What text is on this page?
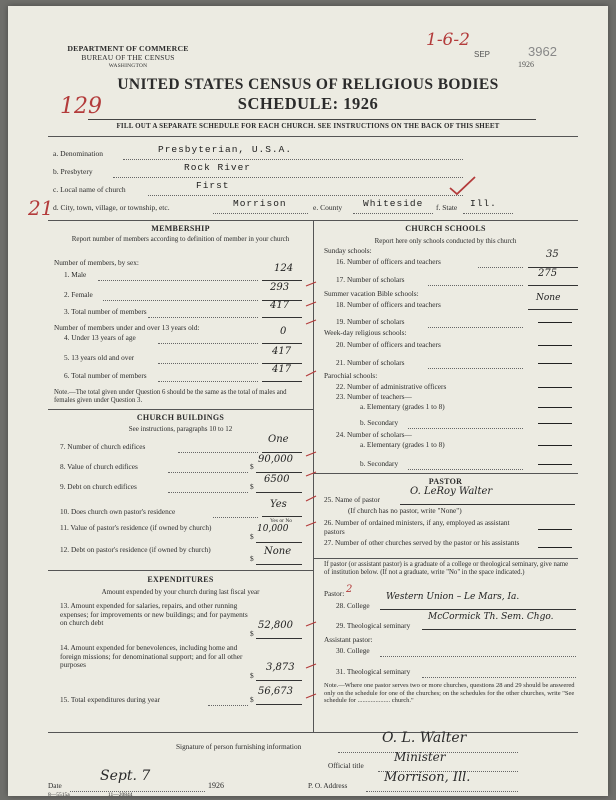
DEPARTMENT OF COMMERCE
BUREAU OF THE CENSUS
WASHINGTON
1-6-2
SEP
1926
3962
UNITED STATES CENSUS OF RELIGIOUS BODIES
SCHEDULE: 1926
129
FILL OUT A SEPARATE SCHEDULE FOR EACH CHURCH. SEE INSTRUCTIONS ON THE BACK OF THIS SHEET
a. Denomination	Presbyterian, U.S.A.
b. Presbytery	Rock River
c. Local name of church	First
d. City, town, village, or township, etc.	Morrison	e. County Whiteside f. State Ill.
21
MEMBERSHIP
Report number of members according to definition of member in your church
Number of members, by sex:
1. Male
124
2. Female
293
3. Total number of members
417
Number of members under and over 13 years old:
4. Under 13 years of age
0
5. 13 years old and over
417
6. Total number of members
417
Note.—The total given under Question 6 should be the same as the total of males and females given under Question 3.
CHURCH BUILDINGS
See instructions, paragraphs 10 to 12
7. Number of church edifices
One
8. Value of church edifices	$
90,000
9. Debt on church edifices	$
6500
10. Does church own pastor's residence
Yes
Yes or No
11. Value of pastor's residence (if owned by church)
$
10,000
12. Debt on pastor's residence (if owned by church)
$
None
EXPENDITURES
Amount expended by your church during last fiscal year
13. Amount expended for salaries, repairs, and other running expenses; for improvements or new buildings; and for payments on church debt
$
52,800
14. Amount expended for benevolences, including home and foreign missions; for denominational support; and for all other purposes
$
3,873
15. Total expenditures during year	$
56,673
CHURCH SCHOOLS
Report here only schools conducted by this church
Sunday schools:
16. Number of officers and teachers
35
17. Number of scholars
275
Summer vacation Bible schools:
18. Number of officers and teachers
None
19. Number of scholars
Week-day religious schools:
20. Number of officers and teachers
21. Number of scholars
Parochial schools:
22. Number of administrative officers
23. Number of teachers—
a. Elementary (grades 1 to 8)
b. Secondary
24. Number of scholars—
a. Elementary (grades 1 to 8)
b. Secondary
PASTOR
25. Name of pastor
O. LeRoy Walter
(If church has no pastor, write "None")
26. Number of ordained ministers, if any, employed as assistant pastors
27. Number of other churches served by the pastor or his assistants
If pastor (or assistant pastor) is a graduate of a college or theological seminary, give name of institution below. (If not a graduate, write "No" in the space indicated.)
Pastor:
28. College
Western Union – Le Mars, Ia.
29. Theological seminary
McCormick Th. Sem. Chgo.
Assistant pastor:
30. College
31. Theological seminary
Note.—Where one pastor serves two or more churches, questions 28 and 29 should be answered only on the schedule for one of the churches; on the schedules for the other churches, write "See schedule for .................... church."
Signature of person furnishing information
O. L. Walter
Official title
Minister
Date
Sept. 7
1926	P. O. Address
Morrison, Ill.
8—5515a	11—20844
2
